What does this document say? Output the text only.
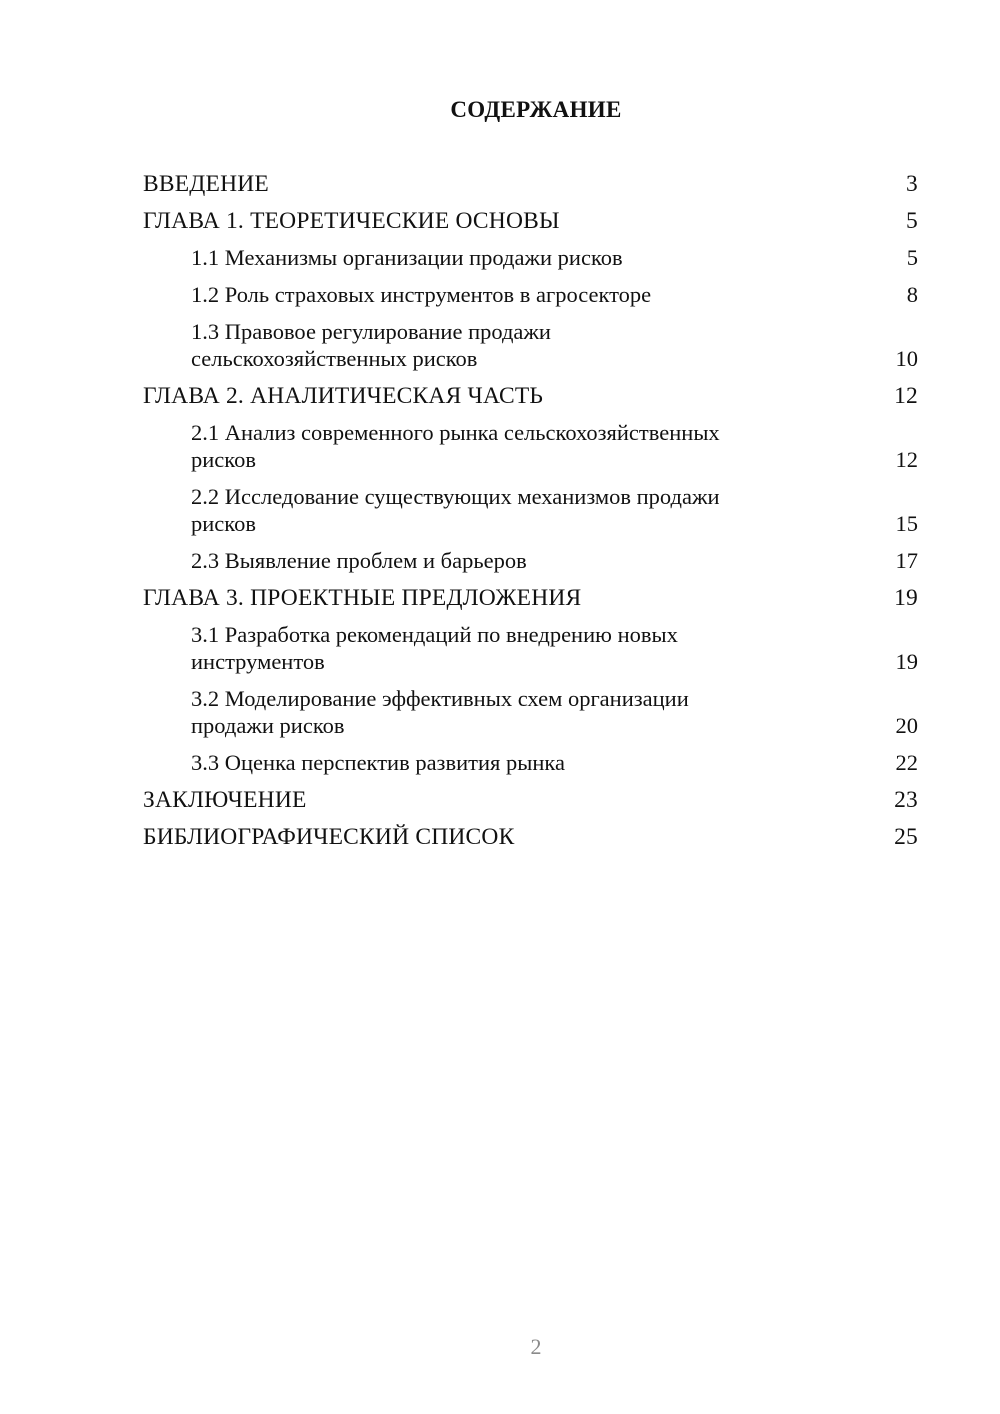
СОДЕРЖАНИЕ
ВВЕДЕНИЕ	3
ГЛАВА 1. ТЕОРЕТИЧЕСКИЕ ОСНОВЫ	5
1.1 Механизмы организации продажи рисков	5
1.2 Роль страховых инструментов в агросекторе	8
1.3 Правовое регулирование продажи
сельскохозяйственных рисков	10
ГЛАВА 2. АНАЛИТИЧЕСКАЯ ЧАСТЬ	12
2.1 Анализ современного рынка сельскохозяйственных
рисков	12
2.2 Исследование существующих механизмов продажи
рисков	15
2.3 Выявление проблем и барьеров	17
ГЛАВА 3. ПРОЕКТНЫЕ ПРЕДЛОЖЕНИЯ	19
3.1 Разработка рекомендаций по внедрению новых
инструментов	19
3.2 Моделирование эффективных схем организации
продажи рисков	20
3.3 Оценка перспектив развития рынка	22
ЗАКЛЮЧЕНИЕ	23
БИБЛИОГРАФИЧЕСКИЙ СПИСОК	25
2
